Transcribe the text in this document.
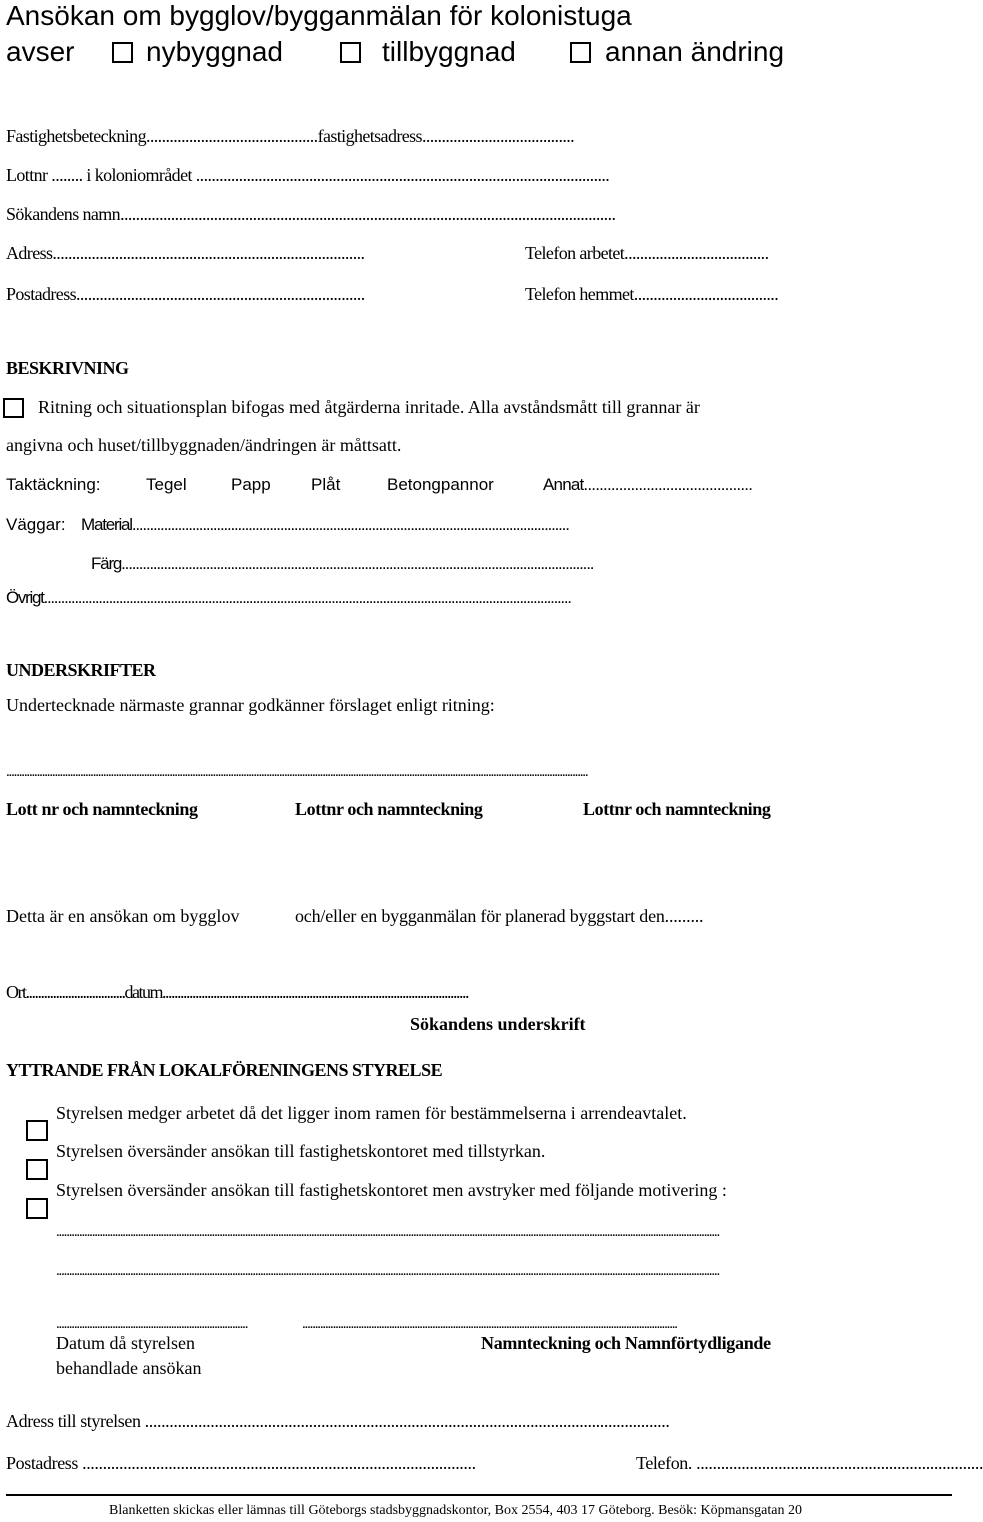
Ansökan om bygglov/bygganmälan för kolonistuga
avser	nybyggnad	tillbyggnad	annan ändring
Fastighetsbeteckning............................................fastighetsadress.......................................
Lottnr ........ i koloniområdet ..........................................................................................................
Sökandens namn...............................................................................................................................
Adress................................................................................	Telefon arbetet.....................................
Postadress..........................................................................	Telefon hemmet.....................................
BESKRIVNING
Ritning och situationsplan bifogas med åtgärderna inritade. Alla avståndsmått till grannar är
angivna och huset/tillbyggnaden/ändringen är måttsatt.
Taktäckning:	Tegel	Papp Plåt	Betongpannor	Annat...........................................
Väggar: Material............................................................................................................................
Färg......................................................................................................................................
Övrigt..........................................................................................................................................................
UNDERSKRIFTER
Undertecknade närmaste grannar godkänner förslaget enligt ritning:
....................................................................................................................................................................................................................................
Lott nr och namnteckning	Lottnr och namnteckning	Lottnr och namnteckning
Detta är en ansökan om bygglov	och/eller en bygganmälan för planerad byggstart den.........
Ort.................................datum......................................................................................................
Sökandens underskrift
YTTRANDE FRÅN LOKALFÖRENINGENS STYRELSE
Styrelsen medger arbetet då det ligger inom ramen för bestämmelserna i arrendeavtalet.
Styrelsen översänder ansökan till fastighetskontoret med tillstyrkan.
Styrelsen översänder ansökan till fastighetskontoret men avstryker med följande motivering :
....................................................................................................................................................................................................................................................................
....................................................................................................................................................................................................................................................................
...........................................................................	...................................................................................................................................................
Datum då styrelsen
behandlade ansökan
Namnteckning och Namnförtydligande
Adress till styrelsen ................................................................................................................................
Postadress ................................................................................................	Telefon. ......................................................................
Blanketten skickas eller lämnas till Göteborgs stadsbyggnadskontor, Box 2554, 403 17 Göteborg. Besök: Köpmansgatan 20
